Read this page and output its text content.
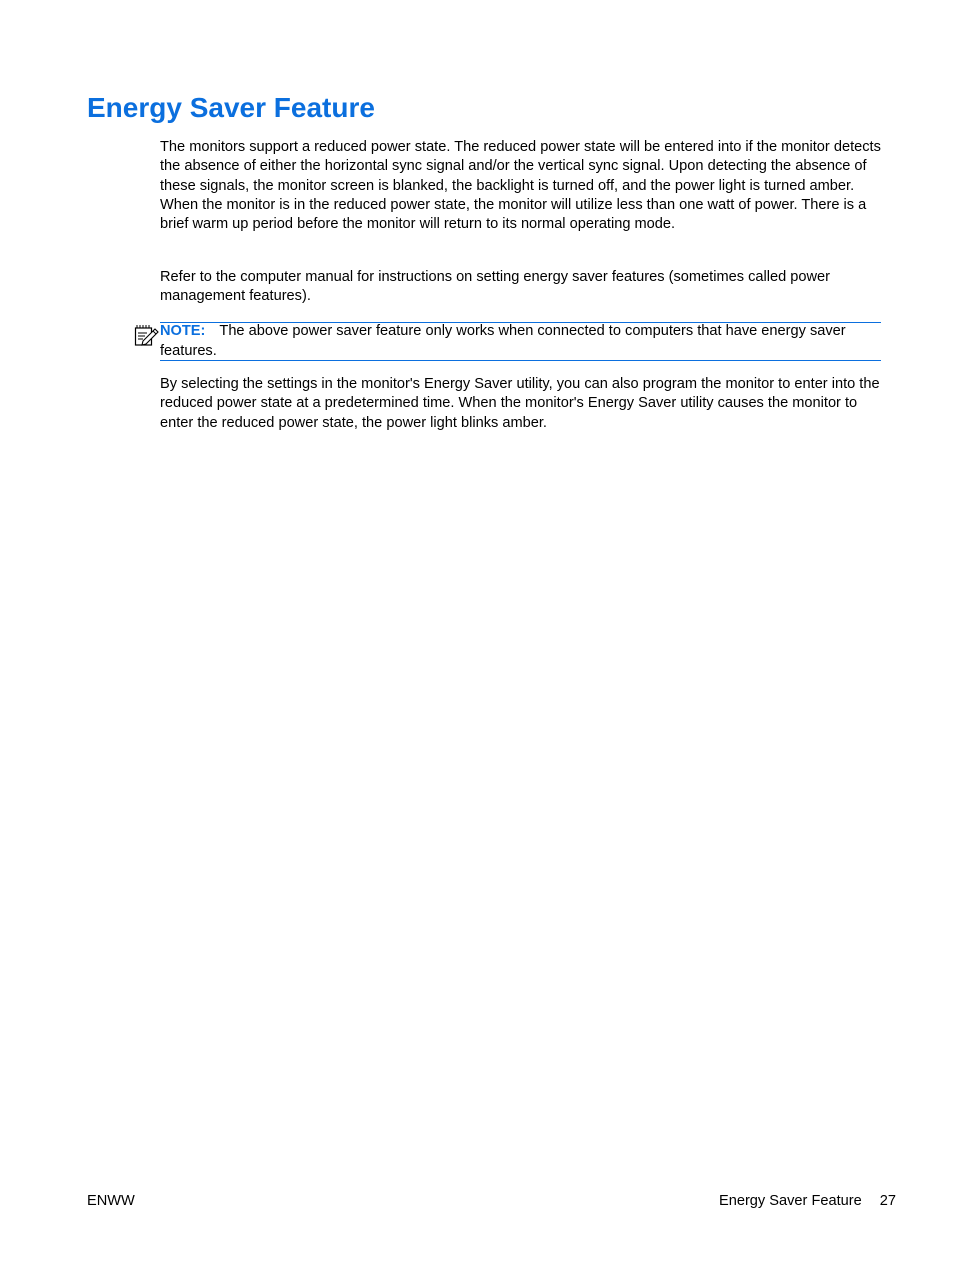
Energy Saver Feature

The monitors support a reduced power state. The reduced power state will be entered into if the monitor detects the absence of either the horizontal sync signal and/or the vertical sync signal. Upon detecting the absence of these signals, the monitor screen is blanked, the backlight is turned off, and the power light is turned amber. When the monitor is in the reduced power state, the monitor will utilize less than one watt of power. There is a brief warm up period before the monitor will return to its normal operating mode.

Refer to the computer manual for instructions on setting energy saver features (sometimes called power management features).

NOTE: The above power saver feature only works when connected to computers that have energy saver features.

By selecting the settings in the monitor's Energy Saver utility, you can also program the monitor to enter into the reduced power state at a predetermined time. When the monitor's Energy Saver utility causes the monitor to enter the reduced power state, the power light blinks amber.

ENWW	Energy Saver Feature 27
